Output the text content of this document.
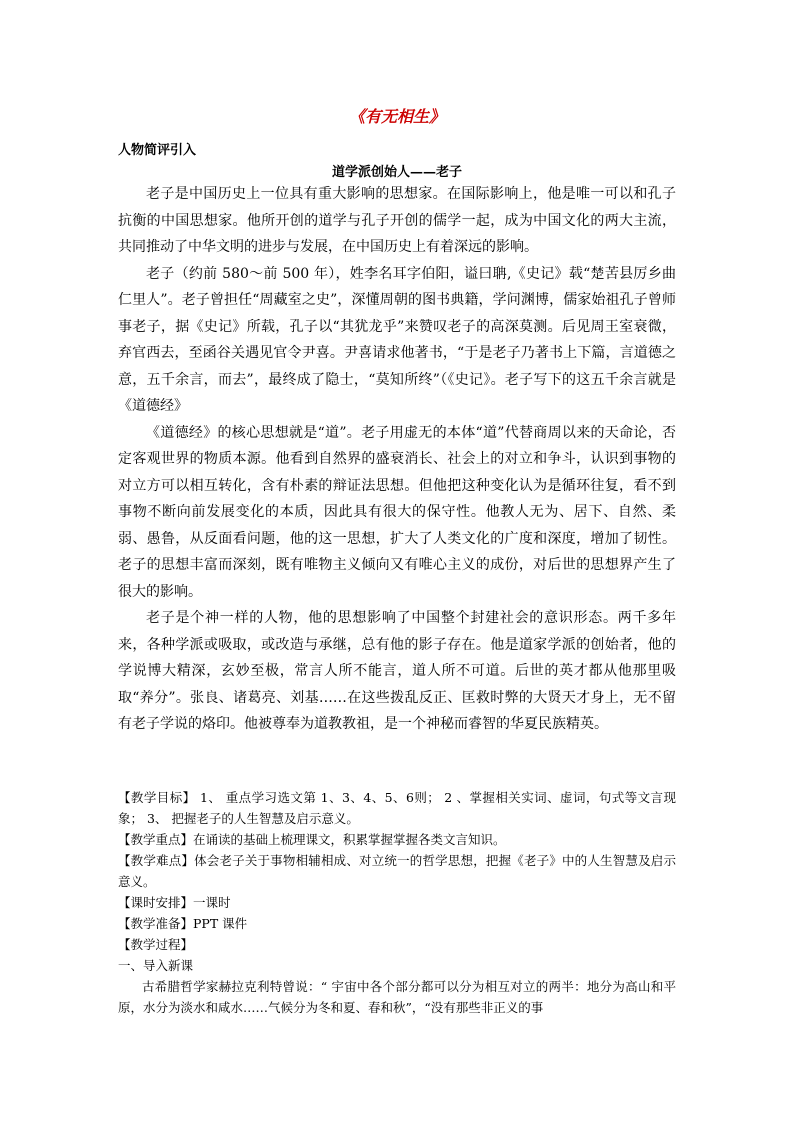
《有无相生》
人物简评引入
道学派创始人——老子

老子是中国历史上一位具有重大影响的思想家。在国际影响上，他是唯一可以和孔子抗衡的中国思想家。他所开创的道学与孔子开创的儒学一起，成为中国文化的两大主流，共同推动了中华文明的进步与发展，在中国历史上有着深远的影响。

老子（约前 580～前 500 年），姓李名耳字伯阳，谥曰聃,《史记》载“楚苦县厉乡曲仁里人”。老子曾担任“周藏室之史”，深懂周朝的图书典籍，学问渊博，儒家始祖孔子曾师事老子，据《史记》所载，孔子以“其犹龙乎”来赞叹老子的高深莫测。后见周王室衰微，弃官西去，至函谷关遇见官令尹喜。尹喜请求他著书，“于是老子乃著书上下篇，言道德之意，五千余言，而去”，最终成了隐士，“莫知所终”（《史记》。老子写下的这五千余言就是《道德经》

《道德经》的核心思想就是“道”。老子用虚无的本体“道”代替商周以来的天命论，否定客观世界的物质本源。他看到自然界的盛衰消长、社会上的对立和争斗，认识到事物的对立方可以相互转化，含有朴素的辩证法思想。但他把这种变化认为是循环往复，看不到事物不断向前发展变化的本质，因此具有很大的保守性。他教人无为、居下、自然、柔弱、愚鲁，从反面看问题，他的这一思想，扩大了人类文化的广度和深度，增加了韧性。老子的思想丰富而深刻，既有唯物主义倾向又有唯心主义的成份，对后世的思想界产生了很大的影响。

老子是个神一样的人物，他的思想影响了中国整个封建社会的意识形态。两千多年来，各种学派或吸取，或改造与承继，总有他的影子存在。他是道家学派的创始者，他的学说博大精深，玄妙至极，常言人所不能言，道人所不可道。后世的英才都从他那里吸取“养分”。张良、诸葛亮、刘基……在这些拨乱反正、匡救时弊的大贤天才身上，无不留有老子学说的烙印。他被尊奉为道教教祖，是一个神秘而睿智的华夏民族精英。

【教学目标】 1、 重点学习选文第 1、3、4、5、6则； 2 、掌握相关实词、虚词，句式等文言现象； 3、 把握老子的人生智慧及启示意义。

【教学重点】在诵读的基础上梳理课文，积累掌握掌握各类文言知识。

【教学难点】体会老子关于事物相辅相成、对立统一的哲学思想，把握《老子》中的人生智慧及启示意义。

【课时安排】一课时

【教学准备】PPT 课件

【教学过程】

一、导入新课

古希腊哲学家赫拉克利特曾说：“ 宇宙中各个部分都可以分为相互对立的两半：地分为高山和平原，水分为淡水和咸水……气候分为冬和夏、春和秋”，“没有那些非正义的事
